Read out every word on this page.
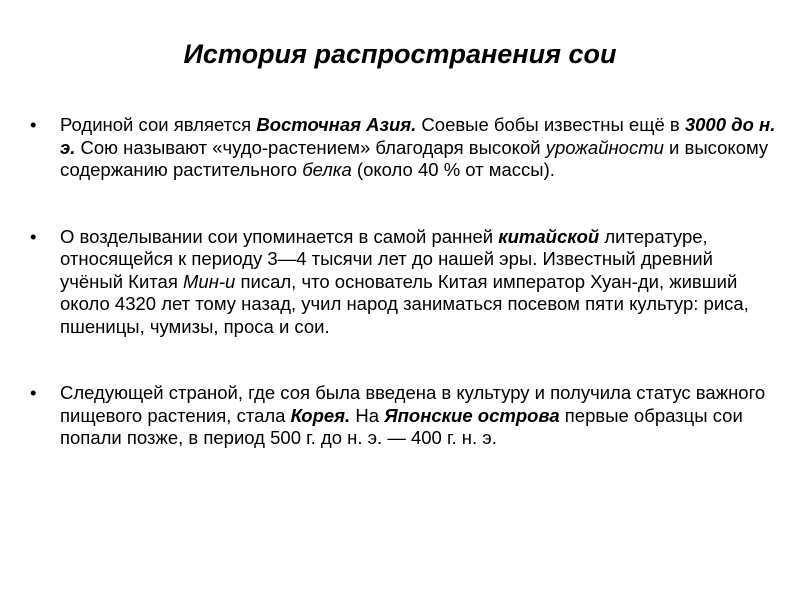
История распространения сои
•	Родиной сои является Восточная Азия. Соевые бобы известны ещё в 3000 до н. э. Сою называют «чудо-растением» благодаря высокой урожайности и высокому содержанию растительного белка (около 40 % от массы).
•	О возделывании сои упоминается в самой ранней китайской литературе, относящейся к периоду 3—4 тысячи лет до нашей эры. Известный древний учёный Китая Мин-и писал, что основатель Китая император Хуан-ди, живший около 4320 лет тому назад, учил народ заниматься посевом пяти культур: риса, пшеницы, чумизы, проса и сои.
•	Следующей страной, где соя была введена в культуру и получила статус важного пищевого растения, стала Корея. На Японские острова первые образцы сои попали позже, в период 500 г. до н. э. — 400 г. н. э.
